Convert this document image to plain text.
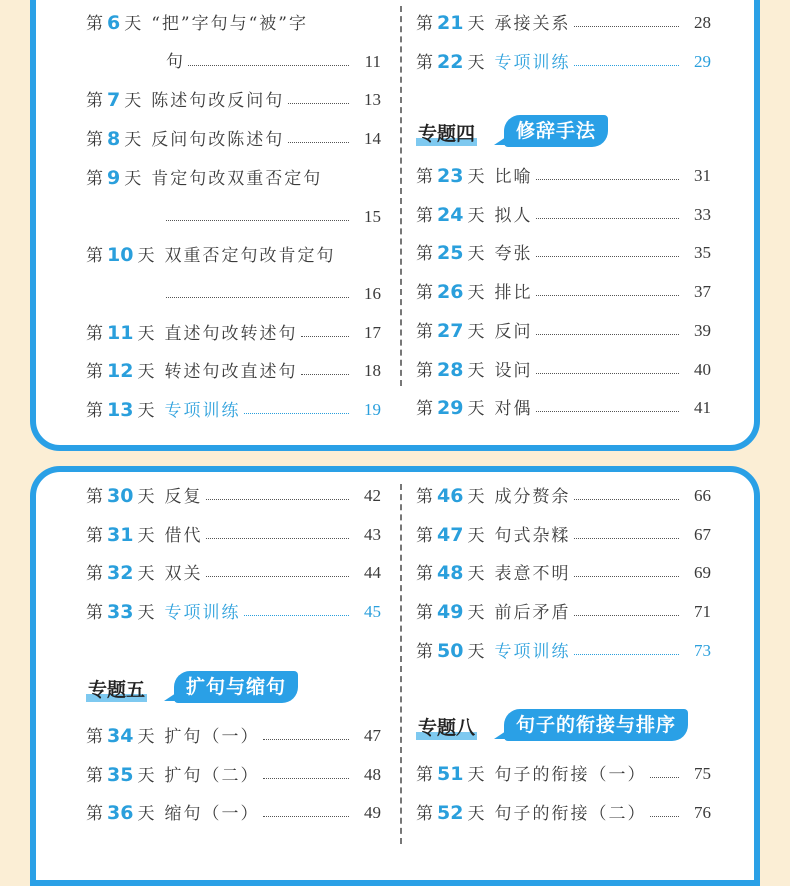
第 6 天 “把”字句与“被”字
句	11
第 7 天 陈述句改反问句	13
第 8 天 反问句改陈述句	14
第 9 天 肯定句改双重否定句
15
第 10 天 双重否定句改肯定句
16
第 11 天 直述句改转述句	17
第 12 天 转述句改直述句	18
第 13 天 专项训练	19
第 21 天 承接关系	28
第 22 天 专项训练	29
专题四	修辞手法
第 23 天 比喻	31
第 24 天 拟人	33
第 25 天 夸张	35
第 26 天 排比	37
第 27 天 反问	39
第 28 天 设问	40
第 29 天 对偶	41
第 30 天 反复	42
第 31 天 借代	43
第 32 天 双关	44
第 33 天 专项训练	45
专题五	扩句与缩句
第 34 天 扩句（一）	47
第 35 天 扩句（二）	48
第 36 天 缩句（一）	49
第 46 天 成分赘余	66
第 47 天 句式杂糅	67
第 48 天 表意不明	69
第 49 天 前后矛盾	71
第 50 天 专项训练	73
专题八	句子的衔接与排序
第 51 天 句子的衔接（一）	75
第 52 天 句子的衔接（二）	76
